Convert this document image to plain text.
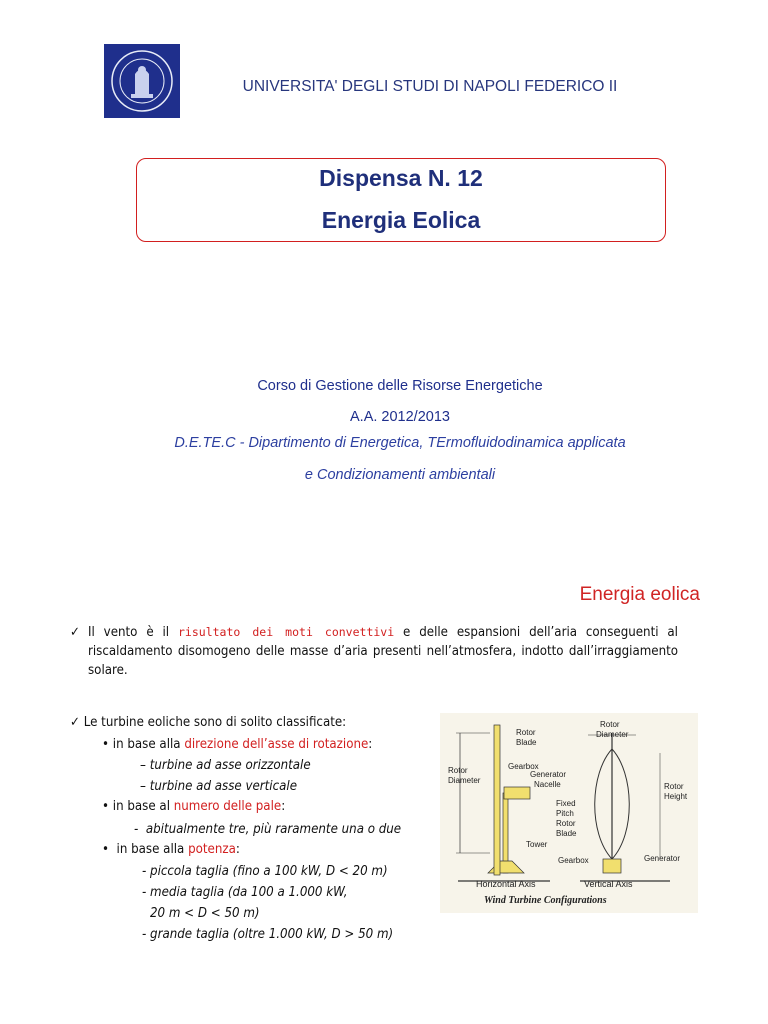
UNIVERSITA' DEGLI STUDI DI NAPOLI FEDERICO II
Dispensa N. 12
Energia Eolica
Corso di Gestione delle Risorse Energetiche
A.A. 2012/2013
D.E.TE.C - Dipartimento di Energetica, TErmofluidodinamica applicata
e Condizionamenti ambientali
Energia eolica
✓ Il vento è il risultato dei moti convettivi e delle espansioni dell’aria conseguenti al riscaldamento disomogeno delle masse d’aria presenti nell’atmosfera, indotto dall’irraggiamento solare.
✓ Le turbine eoliche sono di solito classificate:
• in base alla direzione dell’asse di rotazione:
– turbine ad asse orizzontale
– turbine ad asse verticale
• in base al numero delle pale:
- abitualmente tre, più raramente una o due
• in base alla potenza:
- piccola taglia (fino a 100 kW, D < 20 m)
- media taglia (da 100 a 1.000 kW,
20 m < D < 50 m)
- grande taglia (oltre 1.000 kW, D > 50 m)
Rotor
Blade
Rotor
Diameter
Gearbox
Generator
Nacelle
Fixed
Pitch
Rotor
Blade
Tower
Rotor
Diameter
Rotor
Height
Gearbox	Generator
Horizontal Axis	Vertical Axis
Wind Turbine Configurations
